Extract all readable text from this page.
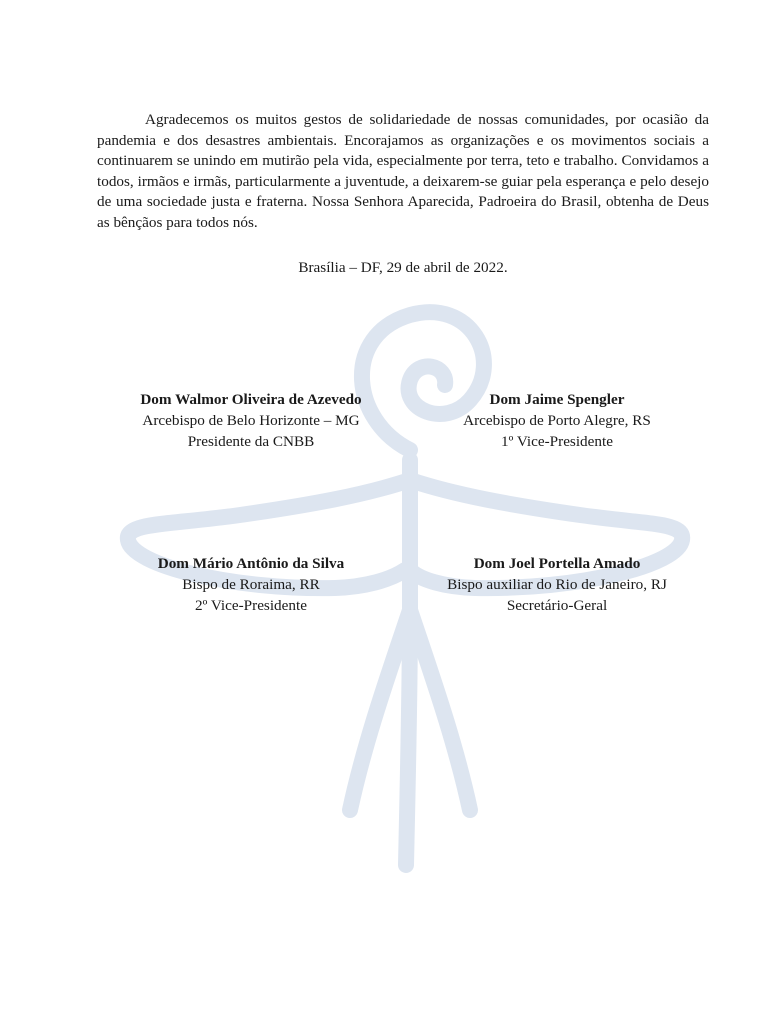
Agradecemos os muitos gestos de solidariedade de nossas comunidades, por ocasião da pandemia e dos desastres ambientais. Encorajamos as organizações e os movimentos sociais a continuarem se unindo em mutirão pela vida, especialmente por terra, teto e trabalho. Convidamos a todos, irmãos e irmãs, particularmente a juventude, a deixarem-se guiar pela esperança e pelo desejo de uma sociedade justa e fraterna. Nossa Senhora Aparecida, Padroeira do Brasil, obtenha de Deus as bênçãos para todos nós.

Brasília – DF, 29 de abril de 2022.

Dom Walmor Oliveira de Azevedo
Arcebispo de Belo Horizonte – MG
Presidente da CNBB
Dom Jaime Spengler
Arcebispo de Porto Alegre, RS
1º Vice-Presidente
Dom Mário Antônio da Silva
Bispo de Roraima, RR
2º Vice-Presidente
Dom Joel Portella Amado
Bispo auxiliar do Rio de Janeiro, RJ
Secretário-Geral
